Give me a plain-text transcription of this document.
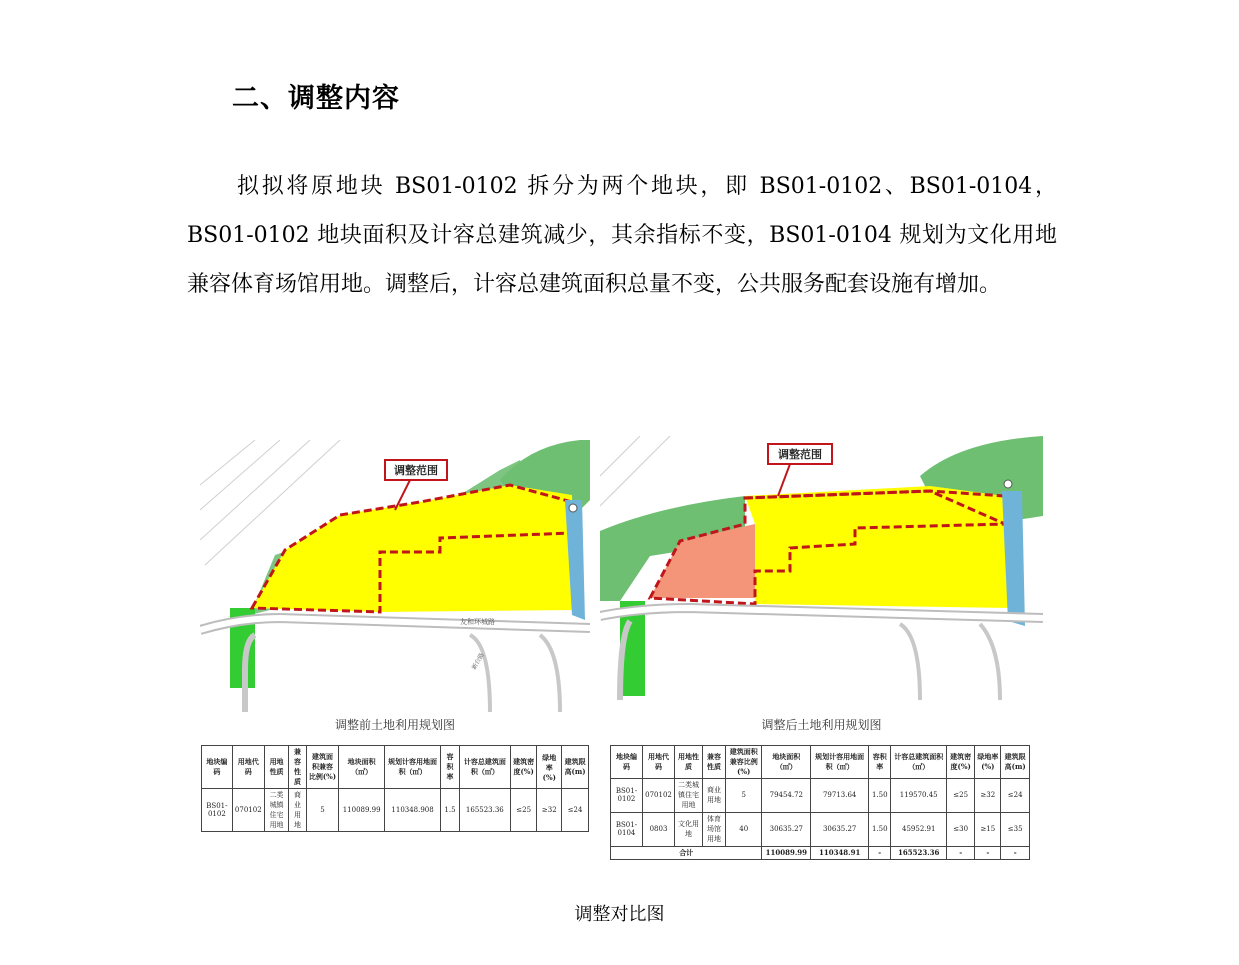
二、调整内容
拟拟将原地块 BS01-0102 拆分为两个地块，即 BS01-0102、BS01-0104，BS01-0102 地块面积及计容总建筑减少，其余指标不变，BS01-0104 规划为文化用地兼容体育场馆用地。调整后，计容总建筑面积总量不变，公共服务配套设施有增加。
调整范围
友和环城路
新台路
调整前土地利用规划图
调整范围
调整后土地利用规划图
地块编码	用地代码	用地性质	兼容性质	建筑面积兼容比例(%)	地块面积（㎡）	规划计容用地面积（㎡）	容积率	计容总建筑面积（㎡）	建筑密度(%)	绿地率(%)	建筑限高(m)
BS01-0102	070102	二类城镇住宅用地	商业用地	5	110089.99	110348.908	1.5	165523.36	≤25	≥32	≤24
地块编码	用地代码	用地性质	兼容性质	建筑面积兼容比例(%)	地块面积（㎡）	规划计容用地面积（㎡）	容积率	计容总建筑面积（㎡）	建筑密度(%)	绿地率(%)	建筑限高(m)
BS01-0102	070102	二类城镇住宅用地	商业用地	5	79454.72	79713.64	1.50	119570.45	≤25	≥32	≤24
BS01-0104	0803	文化用地	体育场馆用地	40	30635.27	30635.27	1.50	45952.91	≤30	≥15	≤35
合计					110089.99	110348.91	-	165523.36	-	-	-
调整对比图
